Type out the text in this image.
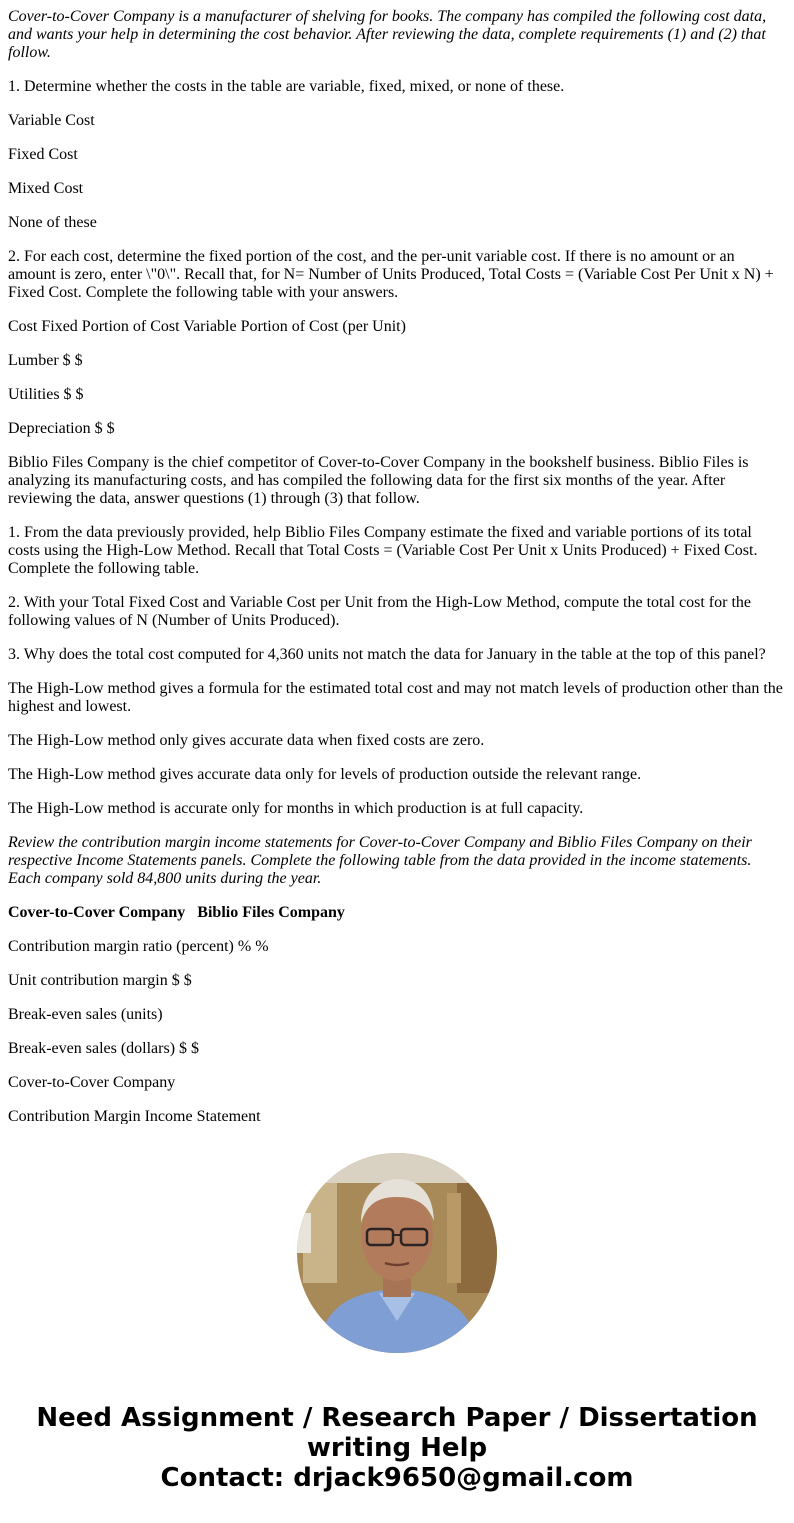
Cover-to-Cover Company is a manufacturer of shelving for books. The company has compiled the following cost data, and wants your help in determining the cost behavior. After reviewing the data, complete requirements (1) and (2) that follow.

1. Determine whether the costs in the table are variable, fixed, mixed, or none of these.

Variable Cost

Fixed Cost

Mixed Cost

None of these

2. For each cost, determine the fixed portion of the cost, and the per-unit variable cost. If there is no amount or an amount is zero, enter \"0\". Recall that, for N= Number of Units Produced, Total Costs = (Variable Cost Per Unit x N) + Fixed Cost. Complete the following table with your answers.

Cost Fixed Portion of Cost Variable Portion of Cost (per Unit)

Lumber $ $

Utilities $ $

Depreciation $ $

Biblio Files Company is the chief competitor of Cover-to-Cover Company in the bookshelf business. Biblio Files is analyzing its manufacturing costs, and has compiled the following data for the first six months of the year. After reviewing the data, answer questions (1) through (3) that follow.

1. From the data previously provided, help Biblio Files Company estimate the fixed and variable portions of its total costs using the High-Low Method. Recall that Total Costs = (Variable Cost Per Unit x Units Produced) + Fixed Cost. Complete the following table.

2. With your Total Fixed Cost and Variable Cost per Unit from the High-Low Method, compute the total cost for the following values of N (Number of Units Produced).

3. Why does the total cost computed for 4,360 units not match the data for January in the table at the top of this panel?

The High-Low method gives a formula for the estimated total cost and may not match levels of production other than the highest and lowest.

The High-Low method only gives accurate data when fixed costs are zero.

The High-Low method gives accurate data only for levels of production outside the relevant range.

The High-Low method is accurate only for months in which production is at full capacity.

Review the contribution margin income statements for Cover-to-Cover Company and Biblio Files Company on their respective Income Statements panels. Complete the following table from the data provided in the income statements. Each company sold 84,800 units during the year.

Cover-to-Cover Company Biblio Files Company

Contribution margin ratio (percent) % %

Unit contribution margin $ $

Break-even sales (units)

Break-even sales (dollars) $ $

Cover-to-Cover Company

Contribution Margin Income Statement

Need Assignment / Research Paper / Dissertation
writing Help
Contact: drjack9650@gmail.com
